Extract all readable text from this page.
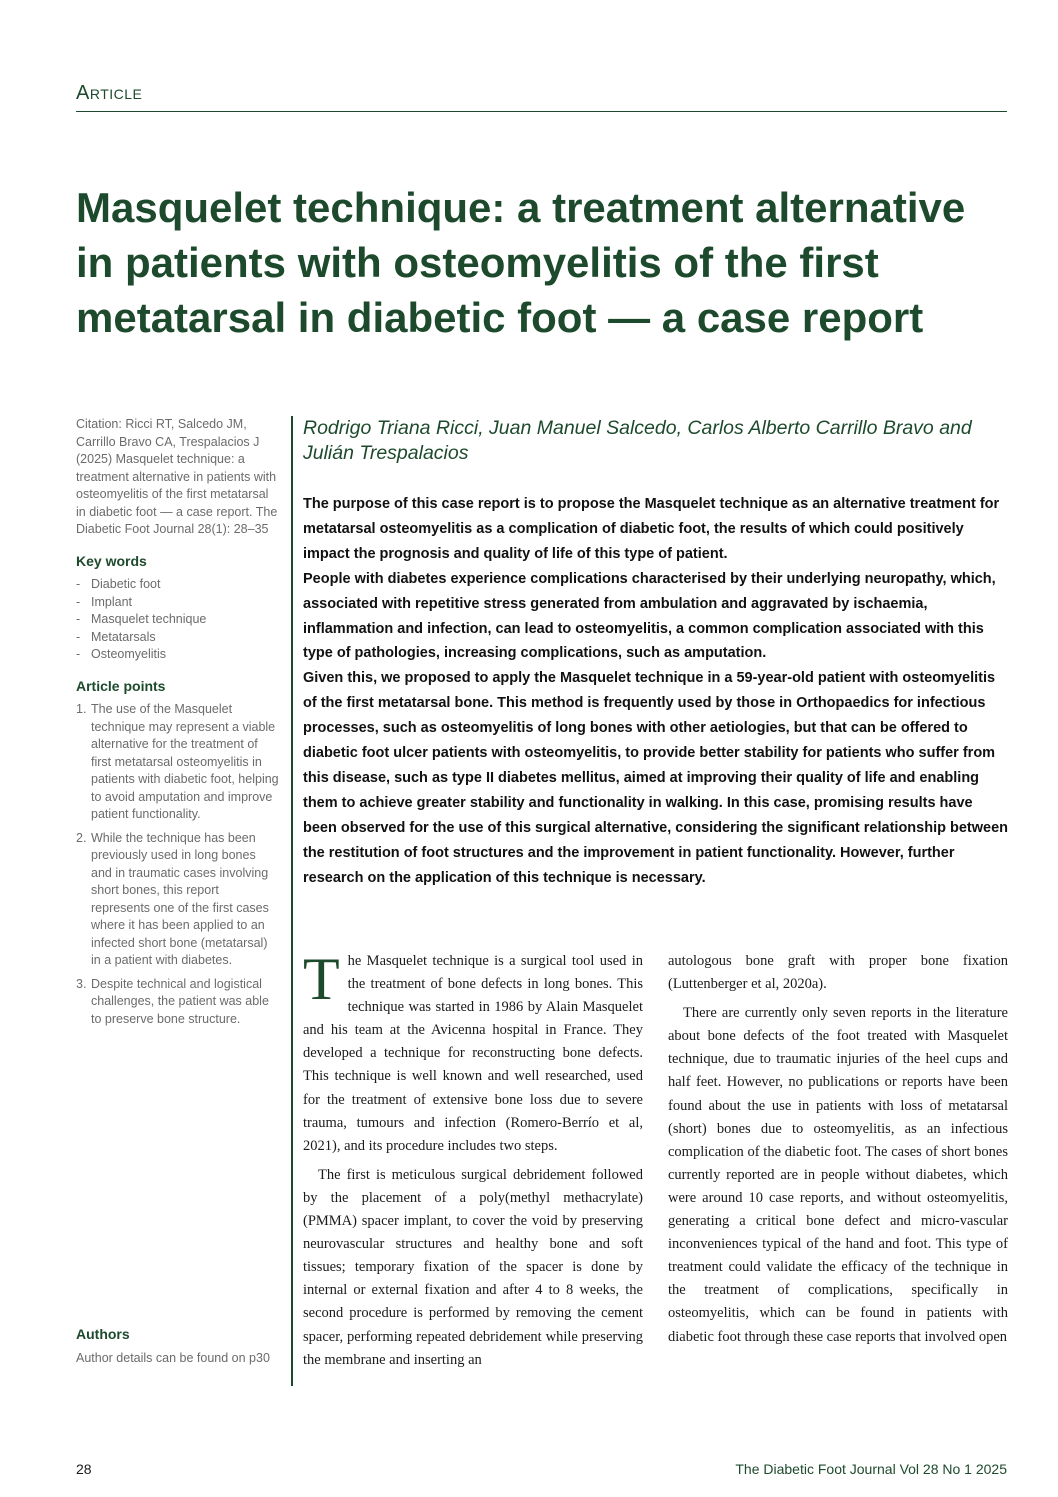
Article
Masquelet technique: a treatment alternative in patients with osteomyelitis of the first metatarsal in diabetic foot — a case report

Citation: Ricci RT, Salcedo JM, Carrillo Bravo CA, Trespalacios J (2025) Masquelet technique: a treatment alternative in patients with osteomyelitis of the first metatarsal in diabetic foot — a case report. The Diabetic Foot Journal 28(1): 28–35

Key words
- Diabetic foot
- Implant
- Masquelet technique
- Metatarsals
- Osteomyelitis
Article points
1. The use of the Masquelet technique may represent a viable alternative for the treatment of first metatarsal osteomyelitis in patients with diabetic foot, helping to avoid amputation and improve patient functionality.
2. While the technique has been previously used in long bones and in traumatic cases involving short bones, this report represents one of the first cases where it has been applied to an infected short bone (metatarsal) in a patient with diabetes.
3. Despite technical and logistical challenges, the patient was able to preserve bone structure.
Authors
Author details can be found on p30

Rodrigo Triana Ricci, Juan Manuel Salcedo, Carlos Alberto Carrillo Bravo and Julián Trespalacios

The purpose of this case report is to propose the Masquelet technique as an alternative treatment for metatarsal osteomyelitis as a complication of diabetic foot, the results of which could positively impact the prognosis and quality of life of this type of patient.

People with diabetes experience complications characterised by their underlying neuropathy, which, associated with repetitive stress generated from ambulation and aggravated by ischaemia, inflammation and infection, can lead to osteomyelitis, a common complication associated with this type of pathologies, increasing complications, such as amputation.

Given this, we proposed to apply the Masquelet technique in a 59-year-old patient with osteomyelitis of the first metatarsal bone. This method is frequently used by those in Orthopaedics for infectious processes, such as osteomyelitis of long bones with other aetiologies, but that can be offered to diabetic foot ulcer patients with osteomyelitis, to provide better stability for patients who suffer from this disease, such as type II diabetes mellitus, aimed at improving their quality of life and enabling them to achieve greater stability and functionality in walking. In this case, promising results have been observed for the use of this surgical alternative, considering the significant relationship between the restitution of foot structures and the improvement in patient functionality. However, further research on the application of this technique is necessary.

The Masquelet technique is a surgical tool used in the treatment of bone defects in long bones. This technique was started in 1986 by Alain Masquelet and his team at the Avicenna hospital in France. They developed a technique for reconstructing bone defects. This technique is well known and well researched, used for the treatment of extensive bone loss due to severe trauma, tumours and infection (Romero-Berrío et al, 2021), and its procedure includes two steps.

The first is meticulous surgical debridement followed by the placement of a poly(methyl methacrylate) (PMMA) spacer implant, to cover the void by preserving neurovascular structures and healthy bone and soft tissues; temporary fixation of the spacer is done by internal or external fixation and after 4 to 8 weeks, the second procedure is performed by removing the cement spacer, performing repeated debridement while preserving the membrane and inserting an

autologous bone graft with proper bone fixation (Luttenberger et al, 2020a).

There are currently only seven reports in the literature about bone defects of the foot treated with Masquelet technique, due to traumatic injuries of the heel cups and half feet. However, no publications or reports have been found about the use in patients with loss of metatarsal (short) bones due to osteomyelitis, as an infectious complication of the diabetic foot. The cases of short bones currently reported are in people without diabetes, which were around 10 case reports, and without osteomyelitis, generating a critical bone defect and micro-vascular inconveniences typical of the hand and foot. This type of treatment could validate the efficacy of the technique in the treatment of complications, specifically in osteomyelitis, which can be found in patients with diabetic foot through these case reports that involved open

28	The Diabetic Foot Journal Vol 28 No 1 2025
